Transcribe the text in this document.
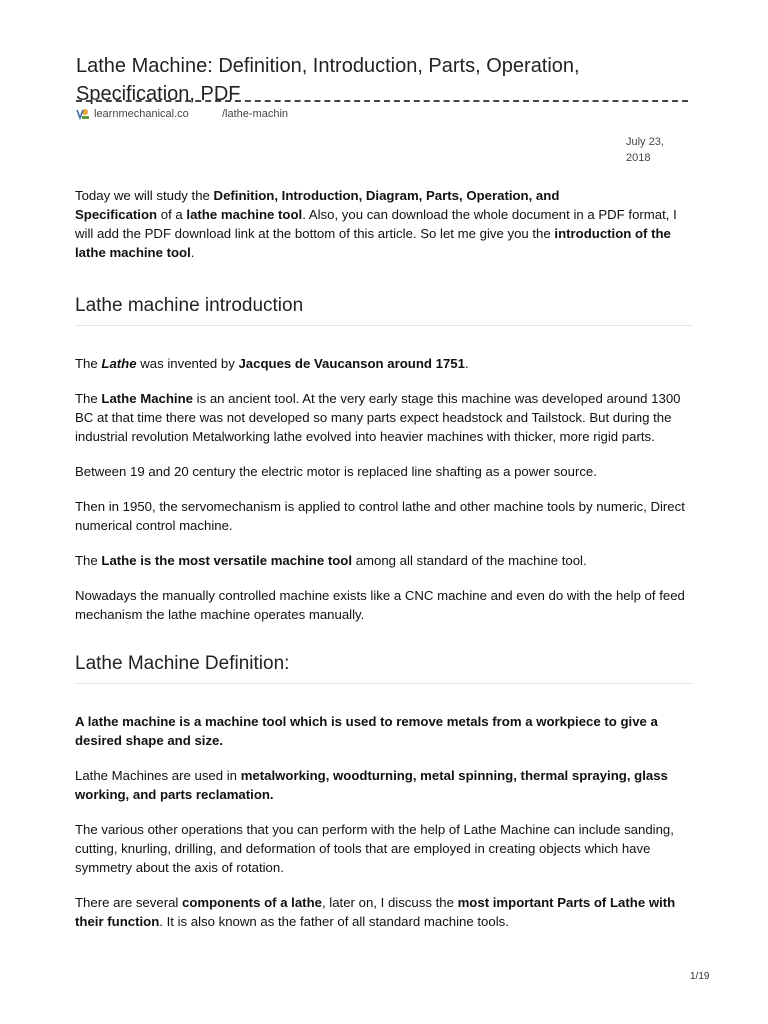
Lathe Machine: Definition, Introduction, Parts, Operation, Specification, PDF
learnmechanical.co	/lathe-machin
July 23,
2018

Today we will study the Definition, Introduction, Diagram, Parts, Operation, and

Specification of a lathe machine tool. Also, you can download the whole document in a PDF format, I will add the PDF download link at the bottom of this article. So let me give you the introduction of the lathe machine tool.

Lathe machine introduction

The Lathe was invented by Jacques de Vaucanson around 1751.

The Lathe Machine is an ancient tool. At the very early stage this machine was developed around 1300 BC at that time there was not developed so many parts expect headstock and Tailstock. But during the industrial revolution Metalworking lathe evolved into heavier machines with thicker, more rigid parts.

Between 19 and 20 century the electric motor is replaced line shafting as a power source.

Then in 1950, the servomechanism is applied to control lathe and other machine tools by numeric, Direct numerical control machine.

The Lathe is the most versatile machine tool among all standard of the machine tool.

Nowadays the manually controlled machine exists like a CNC machine and even do with the help of feed mechanism the lathe machine operates manually.

Lathe Machine Definition:

A lathe machine is a machine tool which is used to remove metals from a workpiece to give a desired shape and size.

Lathe Machines are used in metalworking, woodturning, metal spinning, thermal spraying, glass working, and parts reclamation.

The various other operations that you can perform with the help of Lathe Machine can include sanding, cutting, knurling, drilling, and deformation of tools that are employed in creating objects which have symmetry about the axis of rotation.

There are several components of a lathe, later on, I discuss the most important Parts of Lathe with their function. It is also known as the father of all standard machine tools.

1/19
